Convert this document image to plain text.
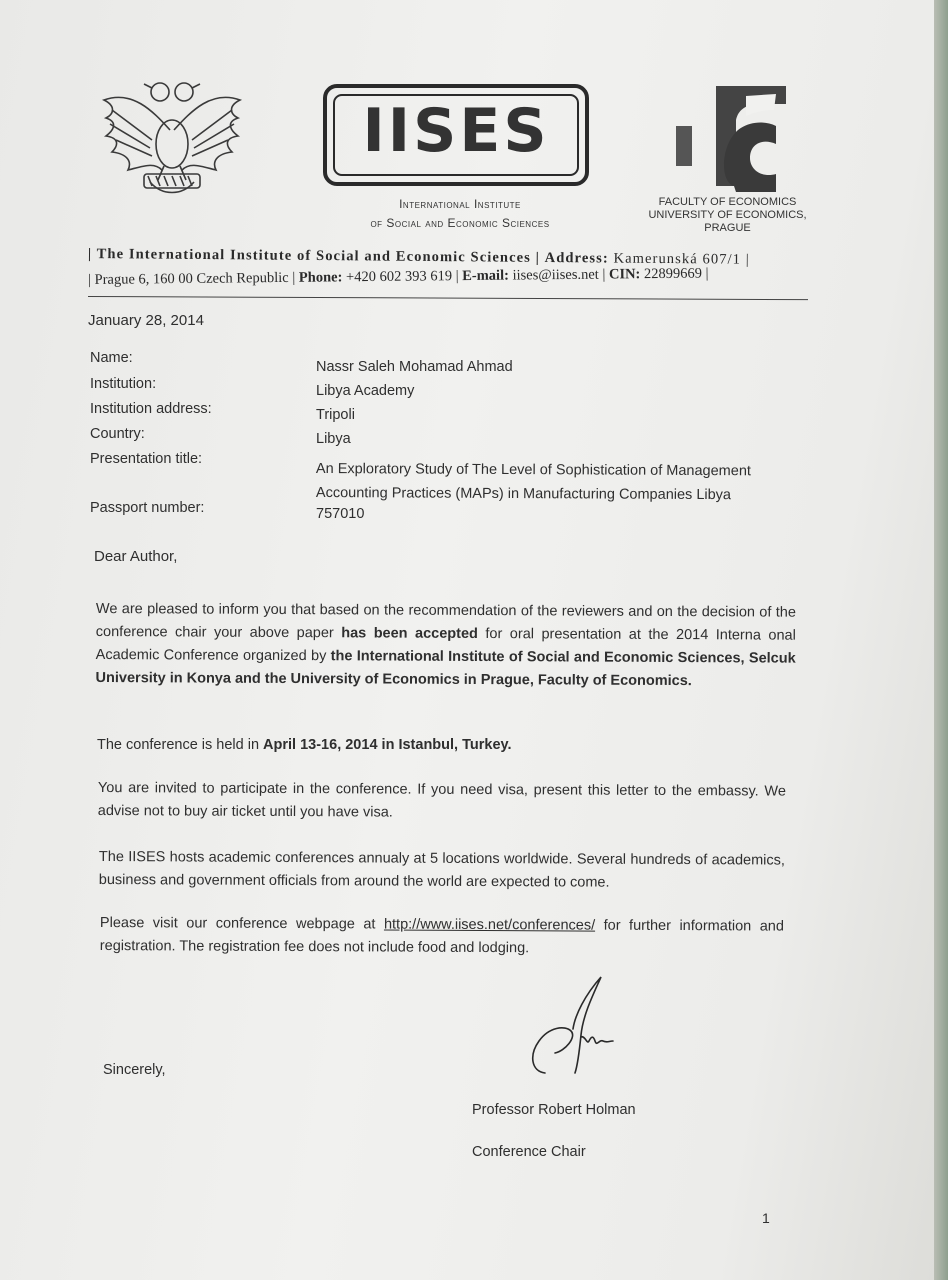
IISES
International Institute
of Social and Economic Sciences
FACULTY OF ECONOMICS
UNIVERSITY OF ECONOMICS,
PRAGUE
| The International Institute of Social and Economic Sciences | Address: Kamerunská 607/1 |
| Prague 6, 160 00 Czech Republic | Phone: +420 602 393 619 | E-mail: iises@iises.net | CIN: 22899669 |
January 28, 2014
Name:
Nassr Saleh Mohamad Ahmad
Institution:	Libya Academy
Institution address:	Tripoli
Country:	Libya
Presentation title:
An Exploratory Study of The Level of Sophistication of Management
Accounting Practices (MAPs) in Manufacturing Companies Libya
Passport number:	757010
Dear Author,
We are pleased to inform you that based on the recommendation of the reviewers and on the decision of the conference chair your above paper has been accepted for oral presentation at the 2014 Interna onal Academic Conference organized by the International Institute of Social and Economic Sciences, Selcuk University in Konya and the University of Economics in Prague, Faculty of Economics.
The conference is held in April 13-16, 2014 in Istanbul, Turkey.
You are invited to participate in the conference. If you need visa, present this letter to the embassy. We advise not to buy air ticket until you have visa.
The IISES hosts academic conferences annualy at 5 locations worldwide. Several hundreds of academics, business and government officials from around the world are expected to come.
Please visit our conference webpage at http://www.iises.net/conferences/ for further information and registration. The registration fee does not include food and lodging.
Sincerely,
Professor Robert Holman
Conference Chair
1
